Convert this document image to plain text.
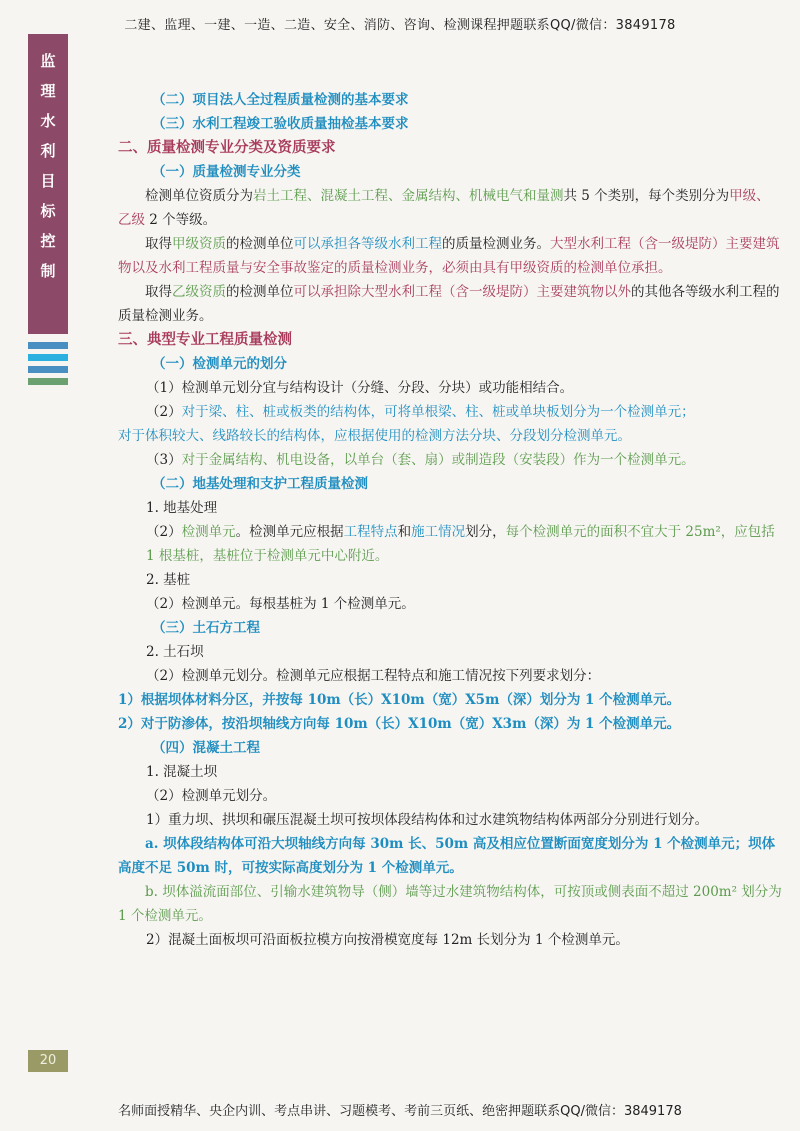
二建、监理、一建、一造、二造、安全、消防、咨询、检测课程押题联系QQ/微信：3849178
监
理
水
利
目
标
控
制

（二）项目法人全过程质量检测的基本要求

（三）水利工程竣工验收质量抽检基本要求

二、质量检测专业分类及资质要求

（一）质量检测专业分类

检测单位资质分为岩土工程、混凝土工程、金属结构、机械电气和量测共 5 个类别，每个类别分为甲级、乙级 2 个等级。

取得甲级资质的检测单位可以承担各等级水利工程的质量检测业务。大型水利工程（含一级堤防）主要建筑物以及水利工程质量与安全事故鉴定的质量检测业务，必须由具有甲级资质的检测单位承担。

取得乙级资质的检测单位可以承担除大型水利工程（含一级堤防）主要建筑物以外的其他各等级水利工程的质量检测业务。

三、典型专业工程质量检测

（一）检测单元的划分

（1）检测单元划分宜与结构设计（分缝、分段、分块）或功能相结合。

（2）对于梁、柱、桩或板类的结构体，可将单根梁、柱、桩或单块板划分为一个检测单元；

对于体积较大、线路较长的结构体，应根据使用的检测方法分块、分段划分检测单元。

（3）对于金属结构、机电设备，以单台（套、扇）或制造段（安装段）作为一个检测单元。

（二）地基处理和支护工程质量检测

1. 地基处理

（2）检测单元。检测单元应根据工程特点和施工情况划分，每个检测单元的面积不宜大于 25m²，应包括 1 根基桩，基桩位于检测单元中心附近。

2. 基桩

（2）检测单元。每根基桩为 1 个检测单元。

（三）土石方工程

2. 土石坝

（2）检测单元划分。检测单元应根据工程特点和施工情况按下列要求划分：

1）根据坝体材料分区，并按每 10m（长）X10m（宽）X5m（深）划分为 1 个检测单元。

2）对于防渗体，按沿坝轴线方向每 10m（长）X10m（宽）X3m（深）为 1 个检测单元。

（四）混凝土工程

1. 混凝土坝

（2）检测单元划分。

1）重力坝、拱坝和碾压混凝土坝可按坝体段结构体和过水建筑物结构体两部分分别进行划分。

a. 坝体段结构体可沿大坝轴线方向每 30m 长、50m 高及相应位置断面宽度划分为 1 个检测单元；坝体高度不足 50m 时，可按实际高度划分为 1 个检测单元。

b. 坝体溢流面部位、引输水建筑物导（侧）墙等过水建筑物结构体，可按顶或侧表面不超过 200m² 划分为 1 个检测单元。

2）混凝土面板坝可沿面板拉模方向按滑模宽度每 12m 长划分为 1 个检测单元。

20
名师面授精华、央企内训、考点串讲、习题模考、考前三页纸、绝密押题联系QQ/微信：3849178
